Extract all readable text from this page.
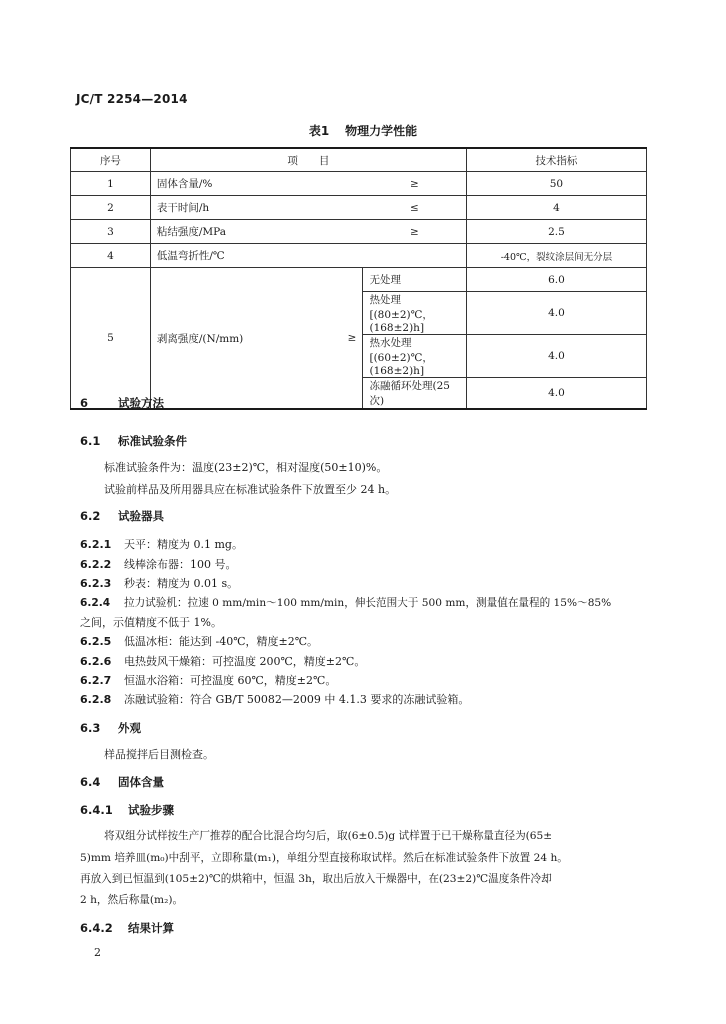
JC/T 2254—2014
表1 物理力学性能
序号	项　　目			技术指标
1	固体含量/%		≥	50
2	表干时间/h		≤	4
3	粘结强度/MPa		≥	2.5
4	低温弯折性/℃			-40℃，裂纹涂层间无分层
5	剥离强度/(N/mm)	≥	无处理	6.0
			热处理[(80±2)℃，(168±2)h]	4.0
			热水处理[(60±2)℃，(168±2)h]	4.0
			冻融循环处理(25 次)	4.0
6	试验方法
6.1 标准试验条件
标准试验条件为：温度(23±2)℃，相对湿度(50±10)%。
试验前样品及所用器具应在标准试验条件下放置至少 24 h。
6.2 试验器具
6.2.1 天平：精度为 0.1 mg。
6.2.2 线棒涂布器：100 号。
6.2.3 秒表：精度为 0.01 s。
6.2.4 拉力试验机：拉速 0 mm/min～100 mm/min，伸长范围大于 500 mm，测量值在量程的 15%～85%
之间，示值精度不低于 1%。
6.2.5 低温冰柜：能达到 -40℃，精度±2℃。
6.2.6 电热鼓风干燥箱：可控温度 200℃，精度±2℃。
6.2.7 恒温水浴箱：可控温度 60℃，精度±2℃。
6.2.8 冻融试验箱：符合 GB/T 50082—2009 中 4.1.3 要求的冻融试验箱。
6.3 外观
样品搅拌后目测检查。
6.4 固体含量
6.4.1 试验步骤
将双组分试样按生产厂推荐的配合比混合均匀后，取(6±0.5)g 试样置于已干燥称量直径为(65±
5)mm 培养皿(m₀)中刮平，立即称量(m₁)，单组分型直接称取试样。然后在标准试验条件下放置 24 h。
再放入到已恒温到(105±2)℃的烘箱中，恒温 3h，取出后放入干燥器中，在(23±2)℃温度条件冷却
2 h，然后称量(m₂)。
6.4.2 结果计算
2
